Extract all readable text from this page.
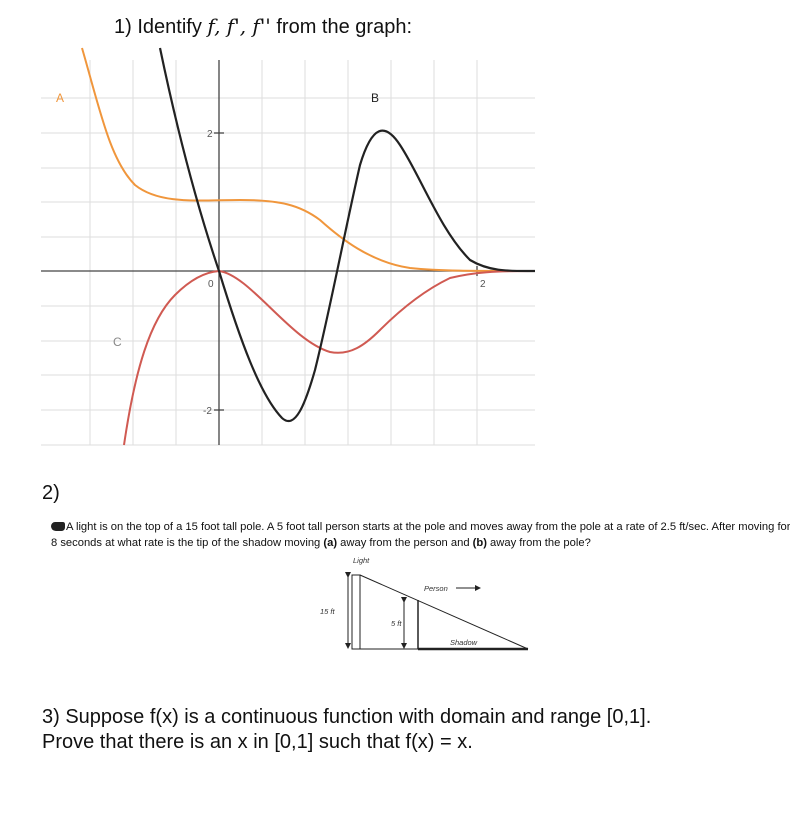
1) Identify f, f', f'' from the graph:
2
-2
0	2
A	B
C
2)
A light is on the top of a 15 foot tall pole. A 5 foot tall person starts at the pole and moves away from the pole at a rate of 2.5 ft/sec. After moving for 8 seconds at what rate is the tip of the shadow moving (a) away from the person and (b) away from the pole?
Light
15 ft
5 ft
Person
Shadow
3) Suppose f(x) is a continuous function with domain and range [0,1].
Prove that there is an x in [0,1] such that f(x) = x.
